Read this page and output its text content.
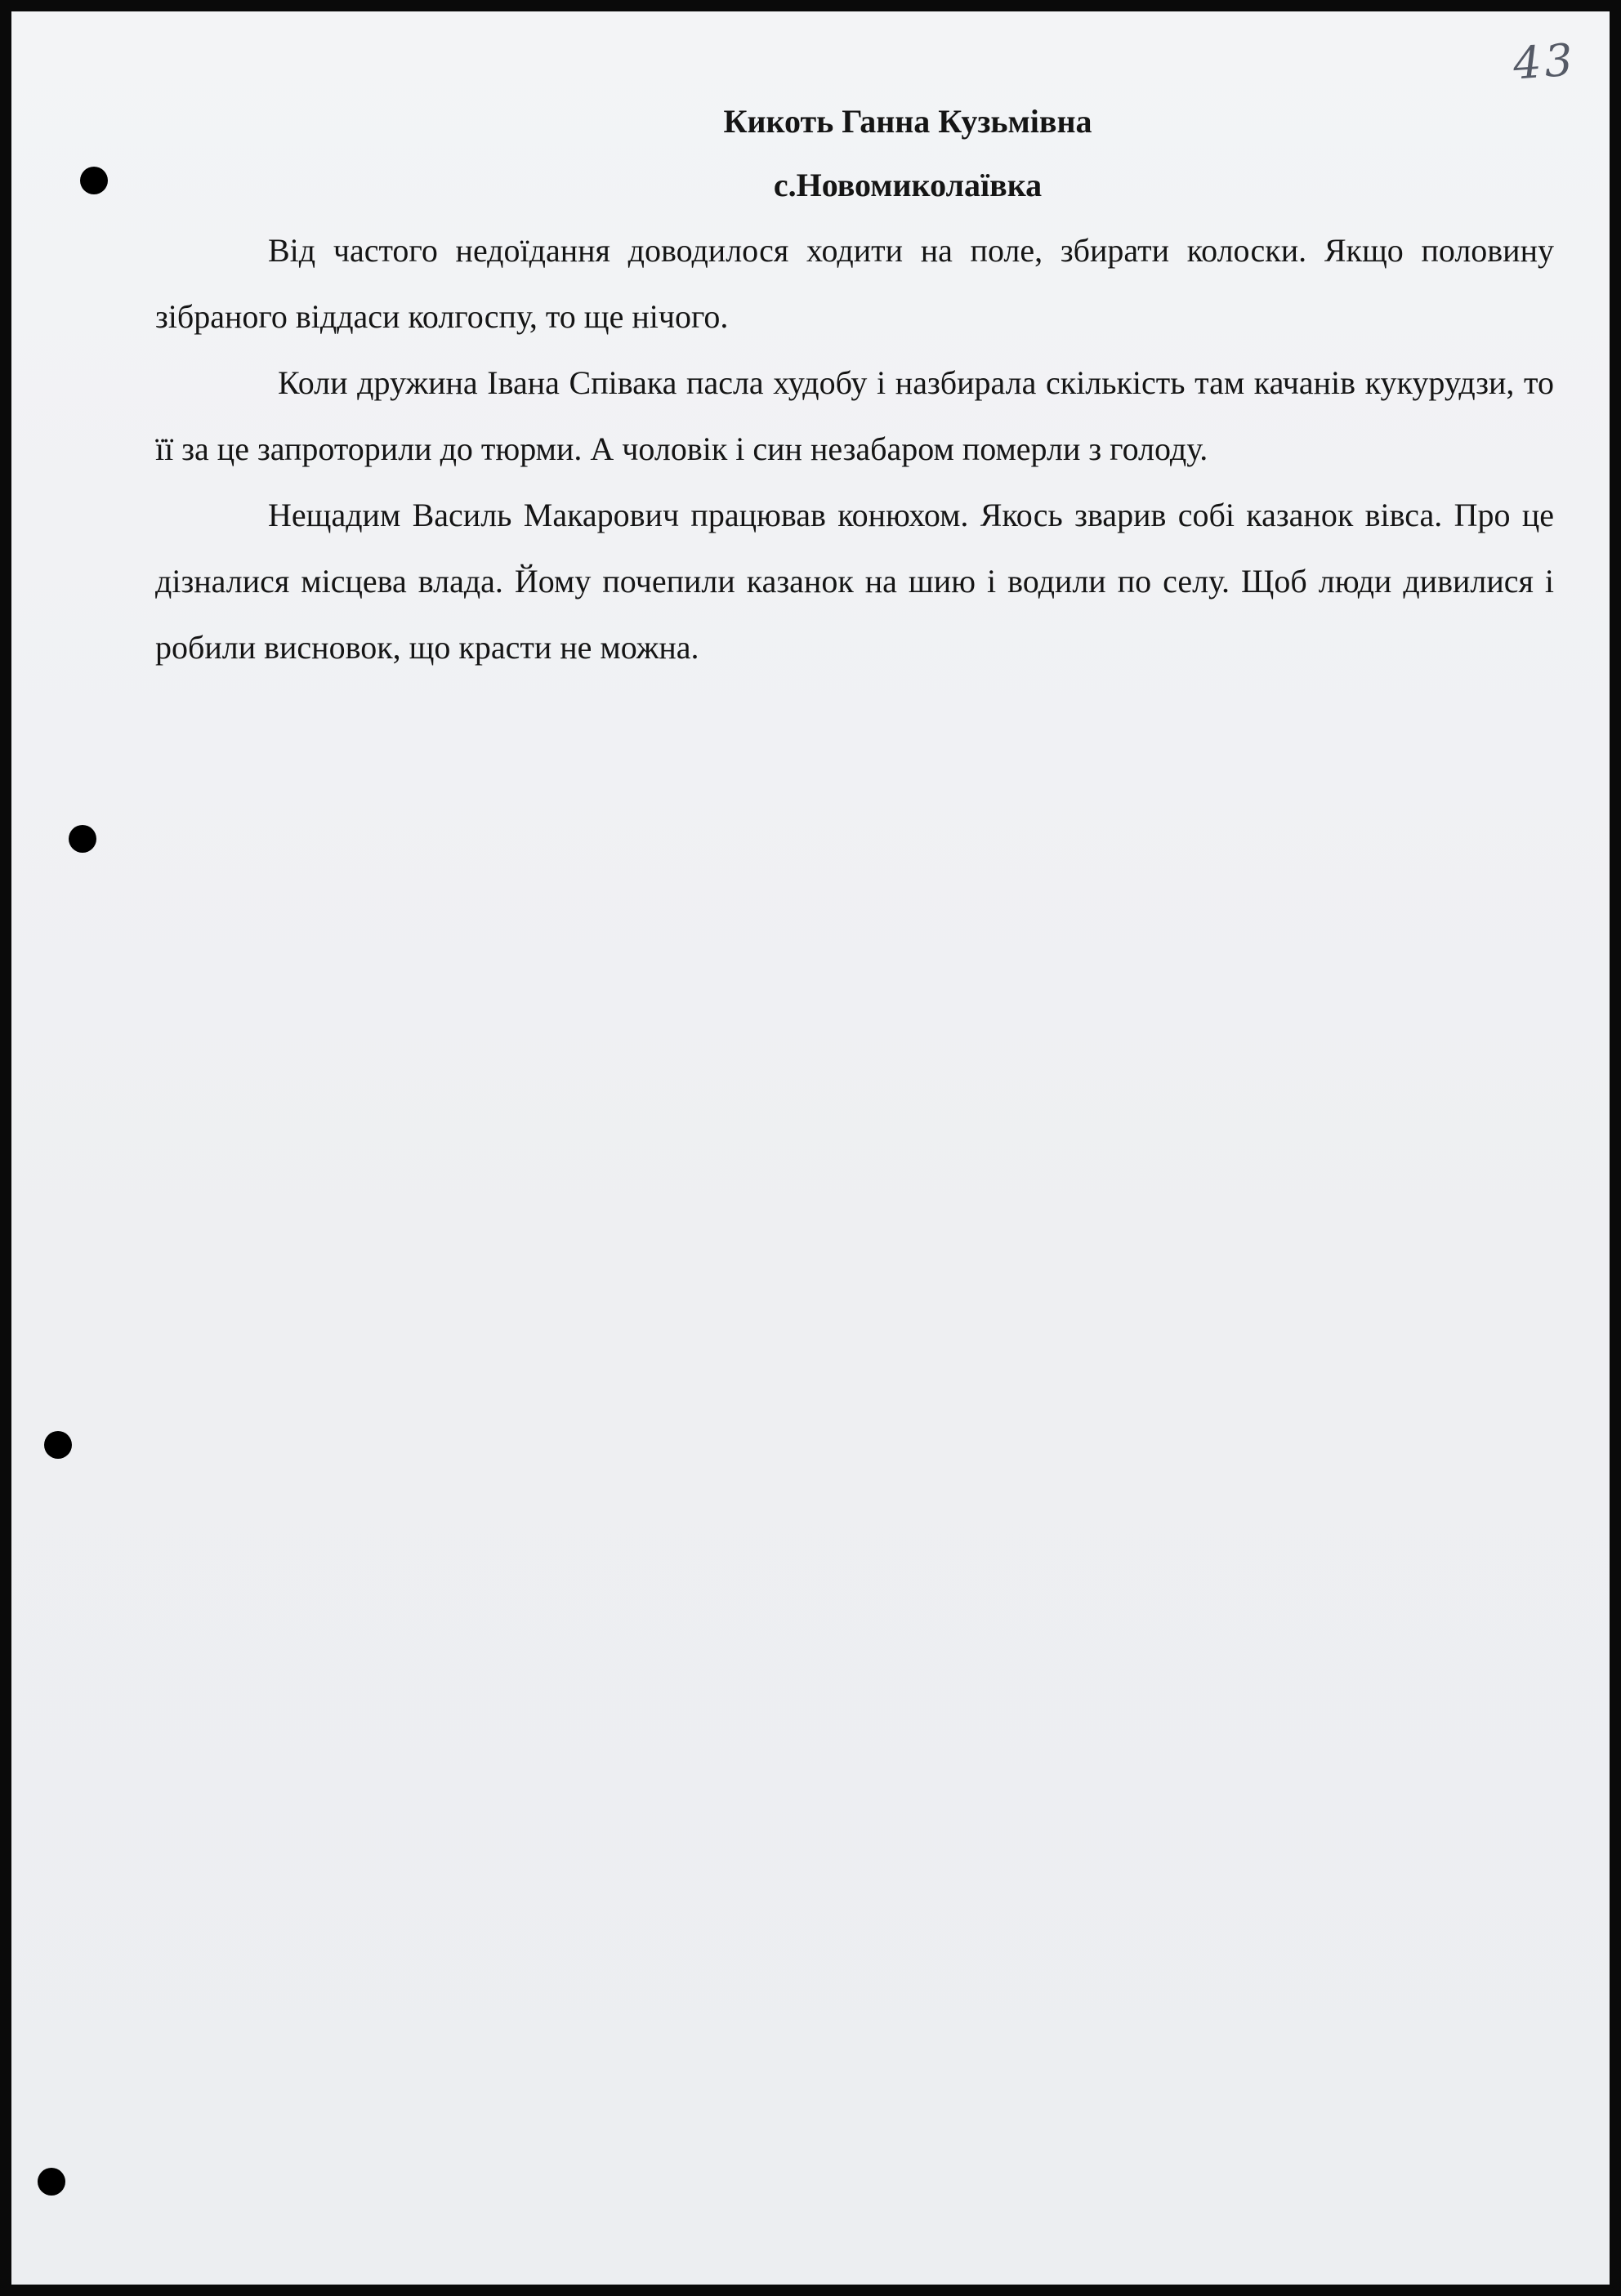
43

Кикоть Ганна Кузьмівна

с.Новомиколаївка

Від частого недоїдання доводилося ходити на поле, збирати колоски. Якщо половину зібраного віддаси колгоспу, то ще нічого.

Коли дружина Івана Співака пасла худобу і назбирала скількість там качанів кукурудзи, то її за це запроторили до тюрми. А чоловік і син незабаром померли з голоду.

Нещадим Василь Макарович працював конюхом. Якось зварив собі казанок вівса. Про це дізналися місцева влада. Йому почепили казанок на шию і водили по селу. Щоб люди дивилися і робили висновок, що красти не можна.
